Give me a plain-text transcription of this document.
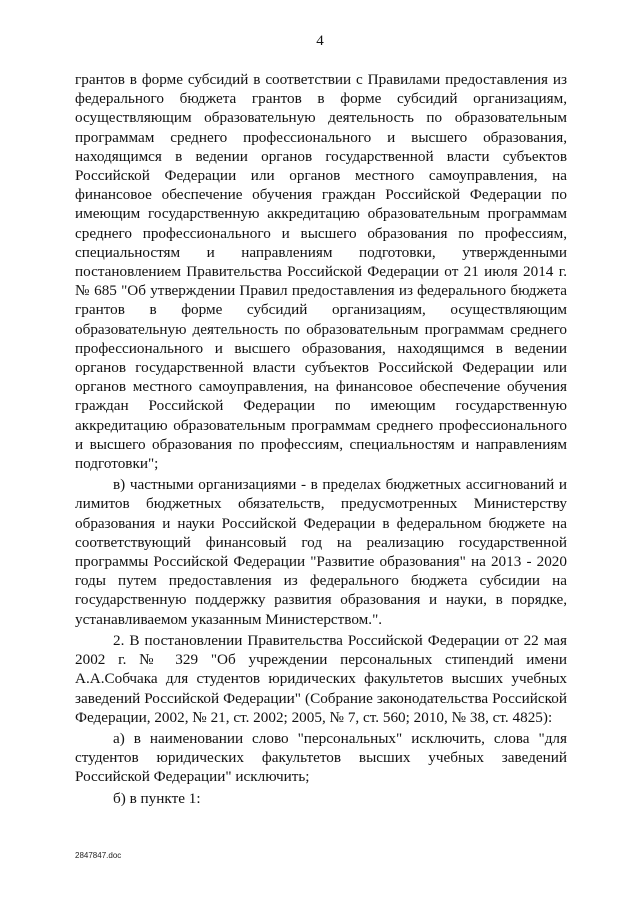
4

грантов в форме субсидий в соответствии с Правилами предоставления из федерального бюджета грантов в форме субсидий организациям, осуществляющим образовательную деятельность по образовательным программам среднего профессионального и высшего образования, находящимся в ведении органов государственной власти субъектов Российской Федерации или органов местного самоуправления, на финансовое обеспечение обучения граждан Российской Федерации по имеющим государственную аккредитацию образовательным программам среднего профессионального и высшего образования по профессиям, специальностям и направлениям подготовки, утвержденными постановлением Правительства Российской Федерации от 21 июля 2014 г. № 685 "Об утверждении Правил предоставления из федерального бюджета грантов в форме субсидий организациям, осуществляющим образовательную деятельность по образовательным программам среднего профессионального и высшего образования, находящимся в ведении органов государственной власти субъектов Российской Федерации или органов местного самоуправления, на финансовое обеспечение обучения граждан Российской Федерации по имеющим государственную аккредитацию образовательным программам среднего профессионального и высшего образования по профессиям, специальностям и направлениям подготовки";

в) частными организациями - в пределах бюджетных ассигнований и лимитов бюджетных обязательств, предусмотренных Министерству образования и науки Российской Федерации в федеральном бюджете на соответствующий финансовый год на реализацию государственной программы Российской Федерации "Развитие образования" на 2013 - 2020 годы путем предоставления из федерального бюджета субсидии на государственную поддержку развития образования и науки, в порядке, устанавливаемом указанным Министерством.".

2. В постановлении Правительства Российской Федерации от 22 мая 2002 г. № 329 "Об учреждении персональных стипендий имени А.А.Собчака для студентов юридических факультетов высших учебных заведений Российской Федерации" (Собрание законодательства Российской Федерации, 2002, № 21, ст. 2002; 2005, № 7, ст. 560; 2010, № 38, ст. 4825):

а) в наименовании слово "персональных" исключить, слова "для студентов юридических факультетов высших учебных заведений Российской Федерации" исключить;

б) в пункте 1:

2847847.doc
